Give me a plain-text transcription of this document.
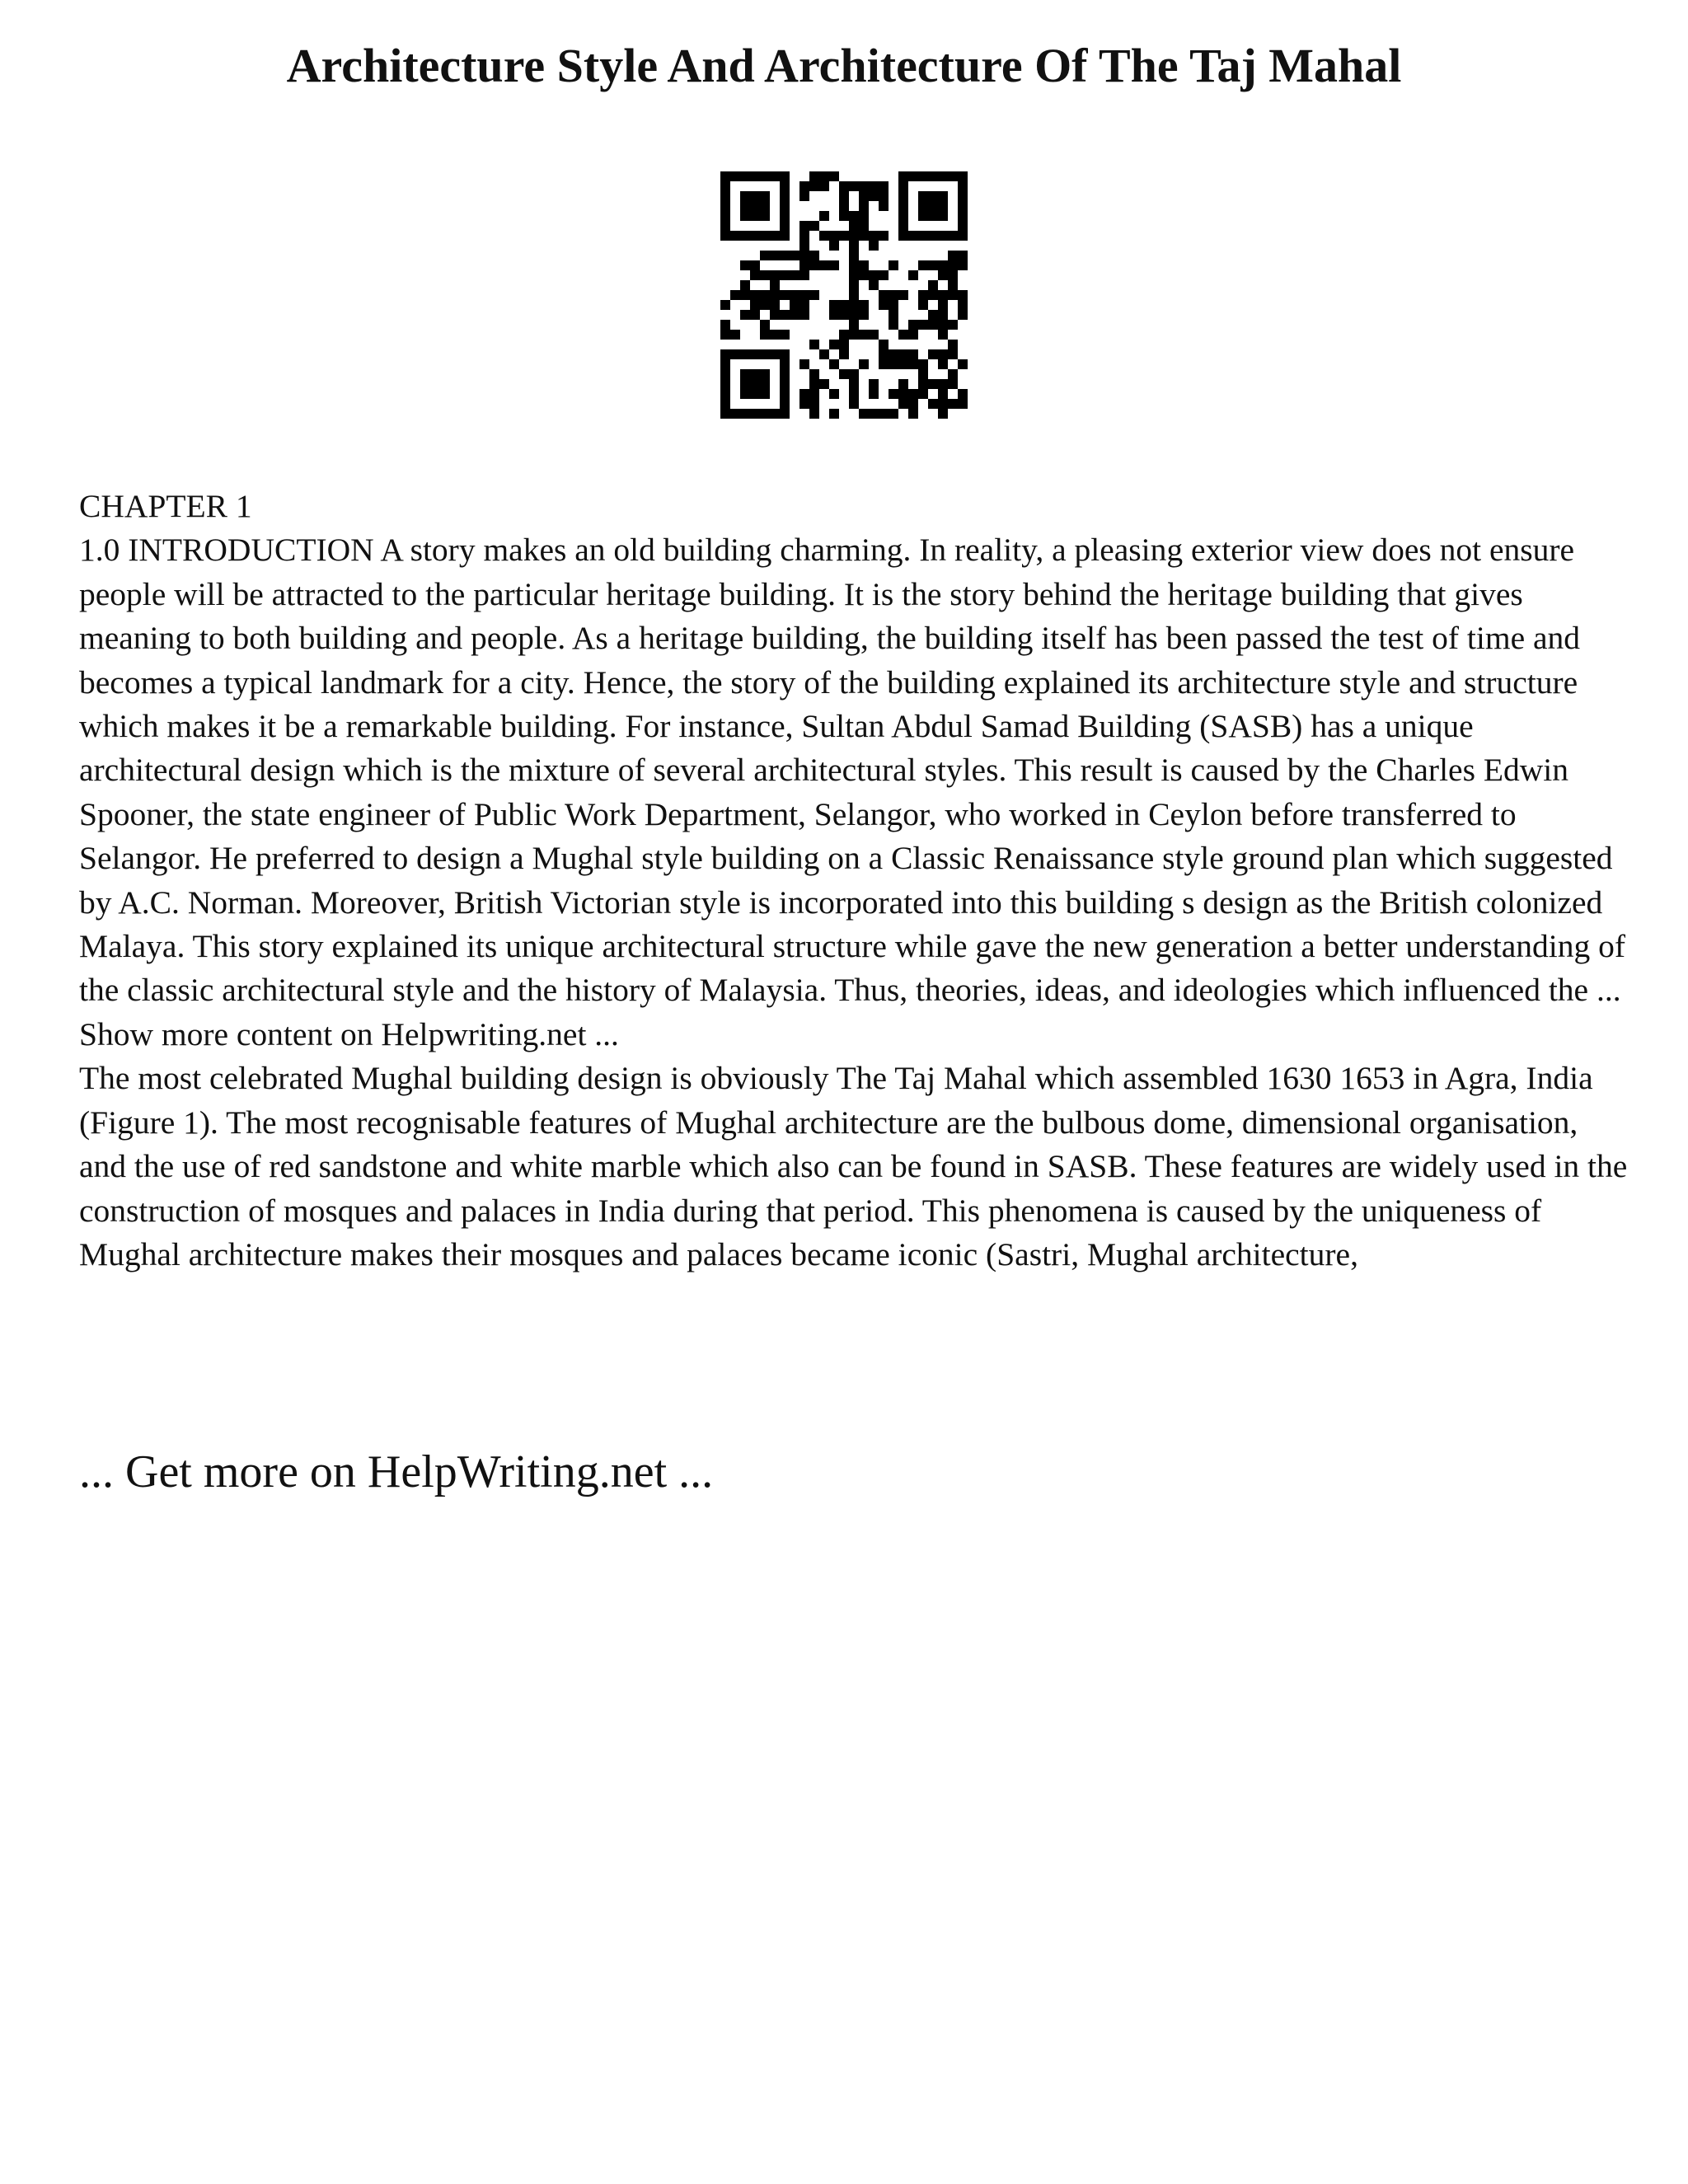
Architecture Style And Architecture Of The Taj Mahal

CHAPTER 1

1.0 INTRODUCTION A story makes an old building charming. In reality, a pleasing exterior view does not ensure people will be attracted to the particular heritage building. It is the story behind the heritage building that gives meaning to both building and people. As a heritage building, the building itself has been passed the test of time and becomes a typical landmark for a city. Hence, the story of the building explained its architecture style and structure which makes it be a remarkable building. For instance, Sultan Abdul Samad Building (SASB) has a unique architectural design which is the mixture of several architectural styles. This result is caused by the Charles Edwin Spooner, the state engineer of Public Work Department, Selangor, who worked in Ceylon before transferred to Selangor. He preferred to design a Mughal style building on a Classic Renaissance style ground plan which suggested by A.C. Norman. Moreover, British Victorian style is incorporated into this building s design as the British colonized Malaya. This story explained its unique architectural structure while gave the new generation a better understanding of the classic architectural style and the history of Malaysia. Thus, theories, ideas, and ideologies which influenced the ... Show more content on Helpwriting.net ...

The most celebrated Mughal building design is obviously The Taj Mahal which assembled 1630 1653 in Agra, India (Figure 1). The most recognisable features of Mughal architecture are the bulbous dome, dimensional organisation, and the use of red sandstone and white marble which also can be found in SASB. These features are widely used in the construction of mosques and palaces in India during that period. This phenomena is caused by the uniqueness of Mughal architecture makes their mosques and palaces became iconic (Sastri, Mughal architecture,

... Get more on HelpWriting.net ...
